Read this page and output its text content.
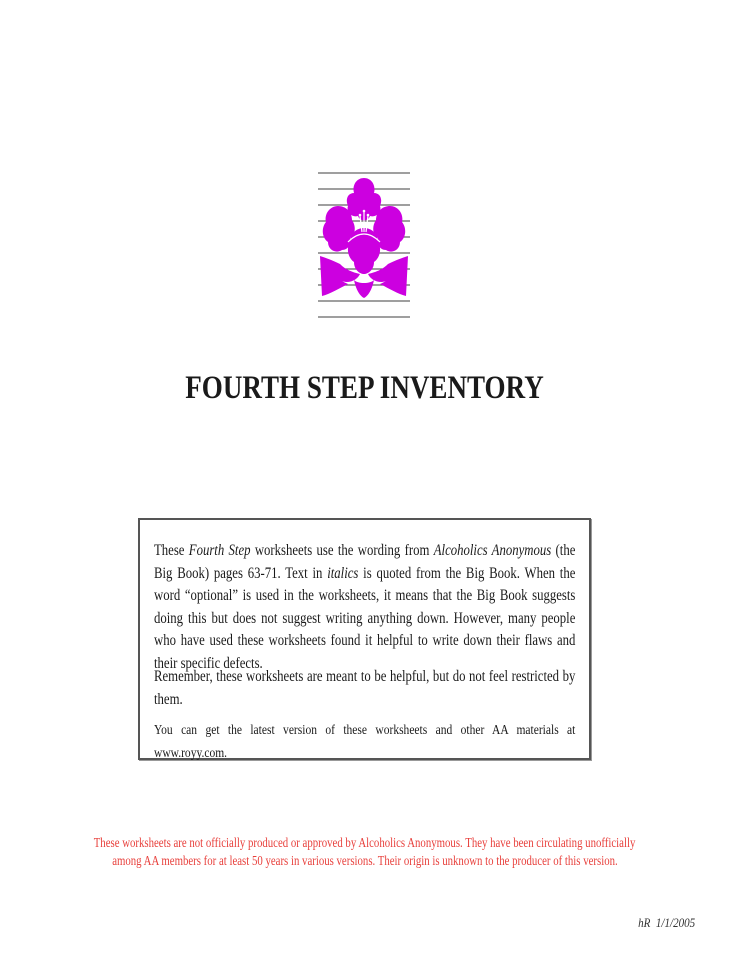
FOURTH STEP INVENTORY

These Fourth Step worksheets use the wording from Alcoholics Anonymous (the Big Book) pages 63-71. Text in italics is quoted from the Big Book. When the word “optional” is used in the worksheets, it means that the Big Book suggests doing this but does not suggest writing anything down. However, many people who have used these worksheets found it helpful to write down their flaws and their specific defects.

Remember, these worksheets are meant to be helpful, but do not feel restricted by them.

You can get the latest version of these worksheets and other AA materials at www.royy.com.

These worksheets are not officially produced or approved by Alcoholics Anonymous. They have been circulating unofficially
among AA members for at least 50 years in various versions. Their origin is unknown to the producer of this version.
hR 1/1/2005
